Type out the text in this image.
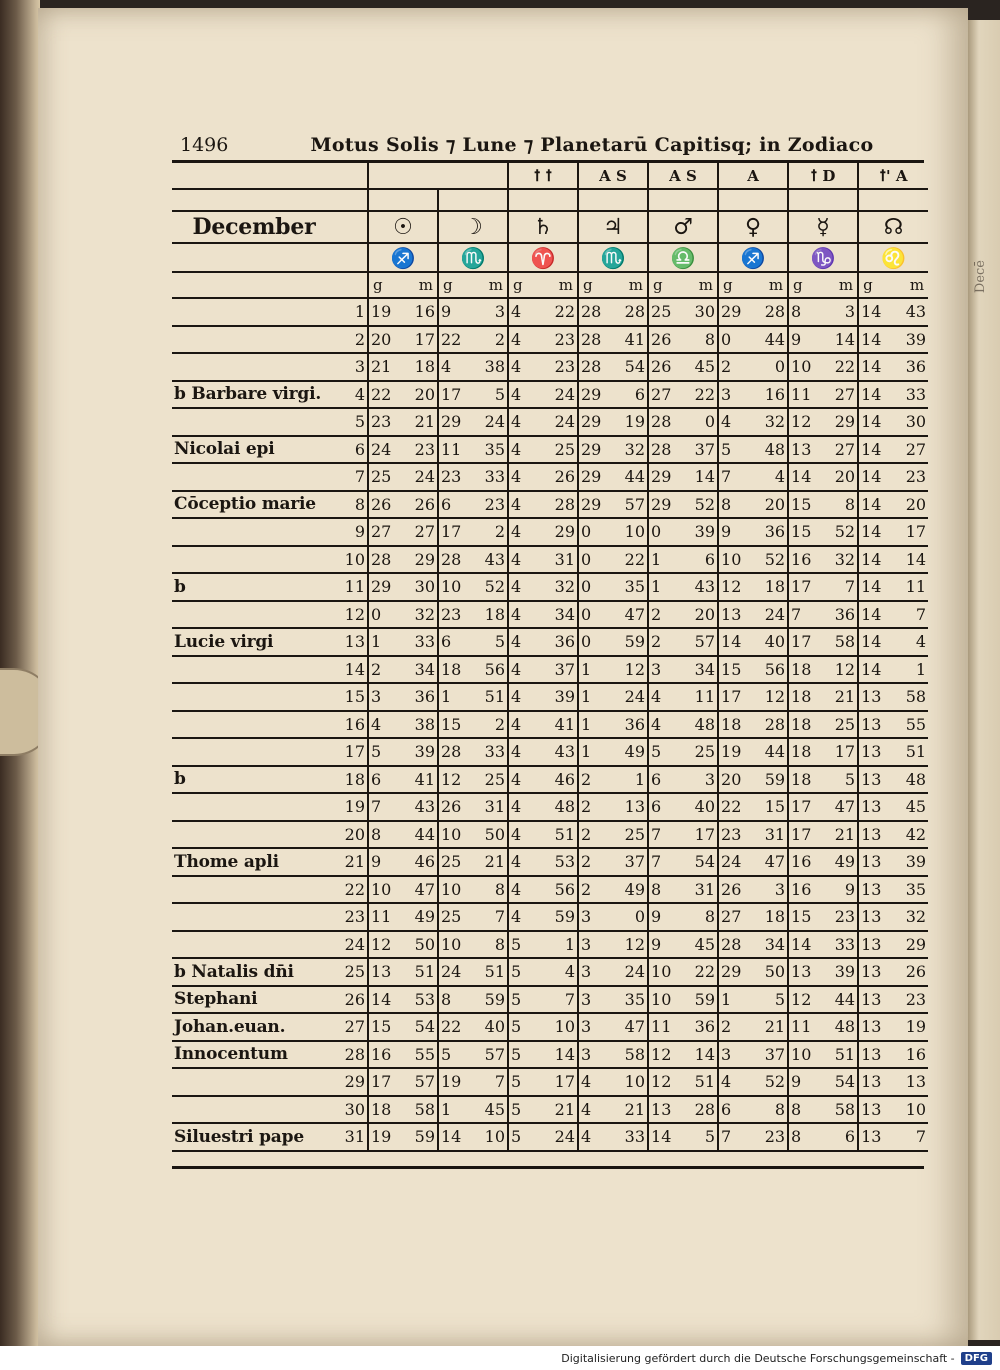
Decē
1496	Motus Solis ⁊ Lune ⁊ Planetarū Capitisq; in Zodiaco
						ꝉ ꝉ		A S		A S		A		ꝉ D		ꝉ' A	

December		☉		☽		♄		♃		♂		♀		☿		☊	
		♐		♏		♈		♏		♎		♐		♑		♌	
		g	m	g	m	g	m	g	m	g	m	g	m	g	m	g	m
	1	19	16	9	3	4	22	28	28	25	30	29	28	8	3	14	43
	2	20	17	22	2	4	23	28	41	26	8	0	44	9	14	14	39
	3	21	18	4	38	4	23	28	54	26	45	2	0	10	22	14	36
b Barbare virgi.	4	22	20	17	5	4	24	29	6	27	22	3	16	11	27	14	33
	5	23	21	29	24	4	24	29	19	28	0	4	32	12	29	14	30
Nicolai epi	6	24	23	11	35	4	25	29	32	28	37	5	48	13	27	14	27
	7	25	24	23	33	4	26	29	44	29	14	7	4	14	20	14	23
Cōceptio marie	8	26	26	6	23	4	28	29	57	29	52	8	20	15	8	14	20
	9	27	27	17	2	4	29	0	10	0	39	9	36	15	52	14	17
	10	28	29	28	43	4	31	0	22	1	6	10	52	16	32	14	14
b	11	29	30	10	52	4	32	0	35	1	43	12	18	17	7	14	11
	12	0	32	23	18	4	34	0	47	2	20	13	24	7	36	14	7
Lucie virgi	13	1	33	6	5	4	36	0	59	2	57	14	40	17	58	14	4
	14	2	34	18	56	4	37	1	12	3	34	15	56	18	12	14	1
	15	3	36	1	51	4	39	1	24	4	11	17	12	18	21	13	58
	16	4	38	15	2	4	41	1	36	4	48	18	28	18	25	13	55
	17	5	39	28	33	4	43	1	49	5	25	19	44	18	17	13	51
b	18	6	41	12	25	4	46	2	1	6	3	20	59	18	5	13	48
	19	7	43	26	31	4	48	2	13	6	40	22	15	17	47	13	45
	20	8	44	10	50	4	51	2	25	7	17	23	31	17	21	13	42
Thome apli	21	9	46	25	21	4	53	2	37	7	54	24	47	16	49	13	39
	22	10	47	10	8	4	56	2	49	8	31	26	3	16	9	13	35
	23	11	49	25	7	4	59	3	0	9	8	27	18	15	23	13	32
	24	12	50	10	8	5	1	3	12	9	45	28	34	14	33	13	29
b Natalis dn̄i	25	13	51	24	51	5	4	3	24	10	22	29	50	13	39	13	26
Stephani	26	14	53	8	59	5	7	3	35	10	59	1	5	12	44	13	23
Johan.euan.	27	15	54	22	40	5	10	3	47	11	36	2	21	11	48	13	19
Innocentum	28	16	55	5	57	5	14	3	58	12	14	3	37	10	51	13	16
	29	17	57	19	7	5	17	4	10	12	51	4	52	9	54	13	13
	30	18	58	1	45	5	21	4	21	13	28	6	8	8	58	13	10
Siluestri pape	31	19	59	14	10	5	24	4	33	14	5	7	23	8	6	13	7
Digitalisierung gefördert durch die Deutsche Forschungsgemeinschaft -	DFG
